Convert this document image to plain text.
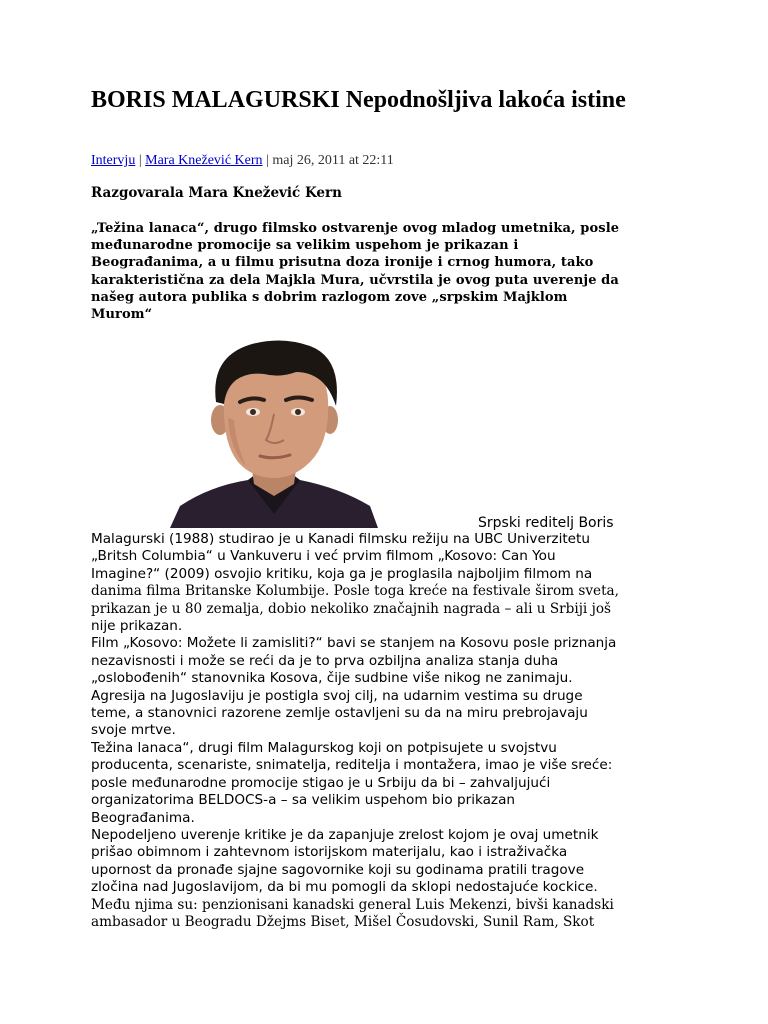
BORIS MALAGURSKI Nepodnošljiva lakoća istine
Intervju | Mara Knežević Kern | maj 26, 2011 at 22:11
Razgovarala Mara Knežević Kern
„Težina lanaca“, drugo filmsko ostvarenje ovog mladog umetnika, posle
međunarodne promocije sa velikim uspehom je prikazan i
Beograđanima, a u filmu prisutna doza ironije i crnog humora, tako
karakteristična za dela Majkla Mura, učvrstila je ovog puta uverenje da
našeg autora publika s dobrim razlogom zove „srpskim Majklom
Murom“
Srpski reditelj Boris
Malagurski (1988) studirao je u Kanadi filmsku režiju na UBC Univerzitetu
„Britsh Columbia“ u Vankuveru i već prvim filmom „Kosovo: Can You
Imagine?“ (2009) osvojio kritiku, koja ga je proglasila najboljim filmom na
danima filma Britanske Kolumbije. Posle toga kreće na festivale širom sveta,
prikazan je u 80 zemalja, dobio nekoliko značajnih nagrada – ali u Srbiji još
nije prikazan.
Film „Kosovo: Možete li zamisliti?“ bavi se stanjem na Kosovu posle priznanja
nezavisnosti i može se reći da je to prva ozbiljna analiza stanja duha
„oslobođenih“ stanovnika Kosova, čije sudbine više nikog ne zanimaju.
Agresija na Jugoslaviju je postigla svoj cilj, na udarnim vestima su druge
teme, a stanovnici razorene zemlje ostavljeni su da na miru prebrojavaju
svoje mrtve.
Težina lanaca“, drugi film Malagurskog koji on potpisujete u svojstvu
producenta, scenariste, snimatelja, reditelja i montažera, imao je više sreće:
posle međunarodne promocije stigao je u Srbiju da bi – zahvaljujući
organizatorima BELDOCS-a – sa velikim uspehom bio prikazan
Beograđanima.
Nepodeljeno uverenje kritike je da zapanjuje zrelost kojom je ovaj umetnik
prišao obimnom i zahtevnom istorijskom materijalu, kao i istraživačka
upornost da pronađe sjajne sagovornike koji su godinama pratili tragove
zločina nad Jugoslavijom, da bi mu pomogli da sklopi nedostajuće kockice.
Među njima su: penzionisani kanadski general Luis Mekenzi, bivši kanadski
ambasador u Beogradu Džejms Biset, Mišel Čosudovski, Sunil Ram, Skot
